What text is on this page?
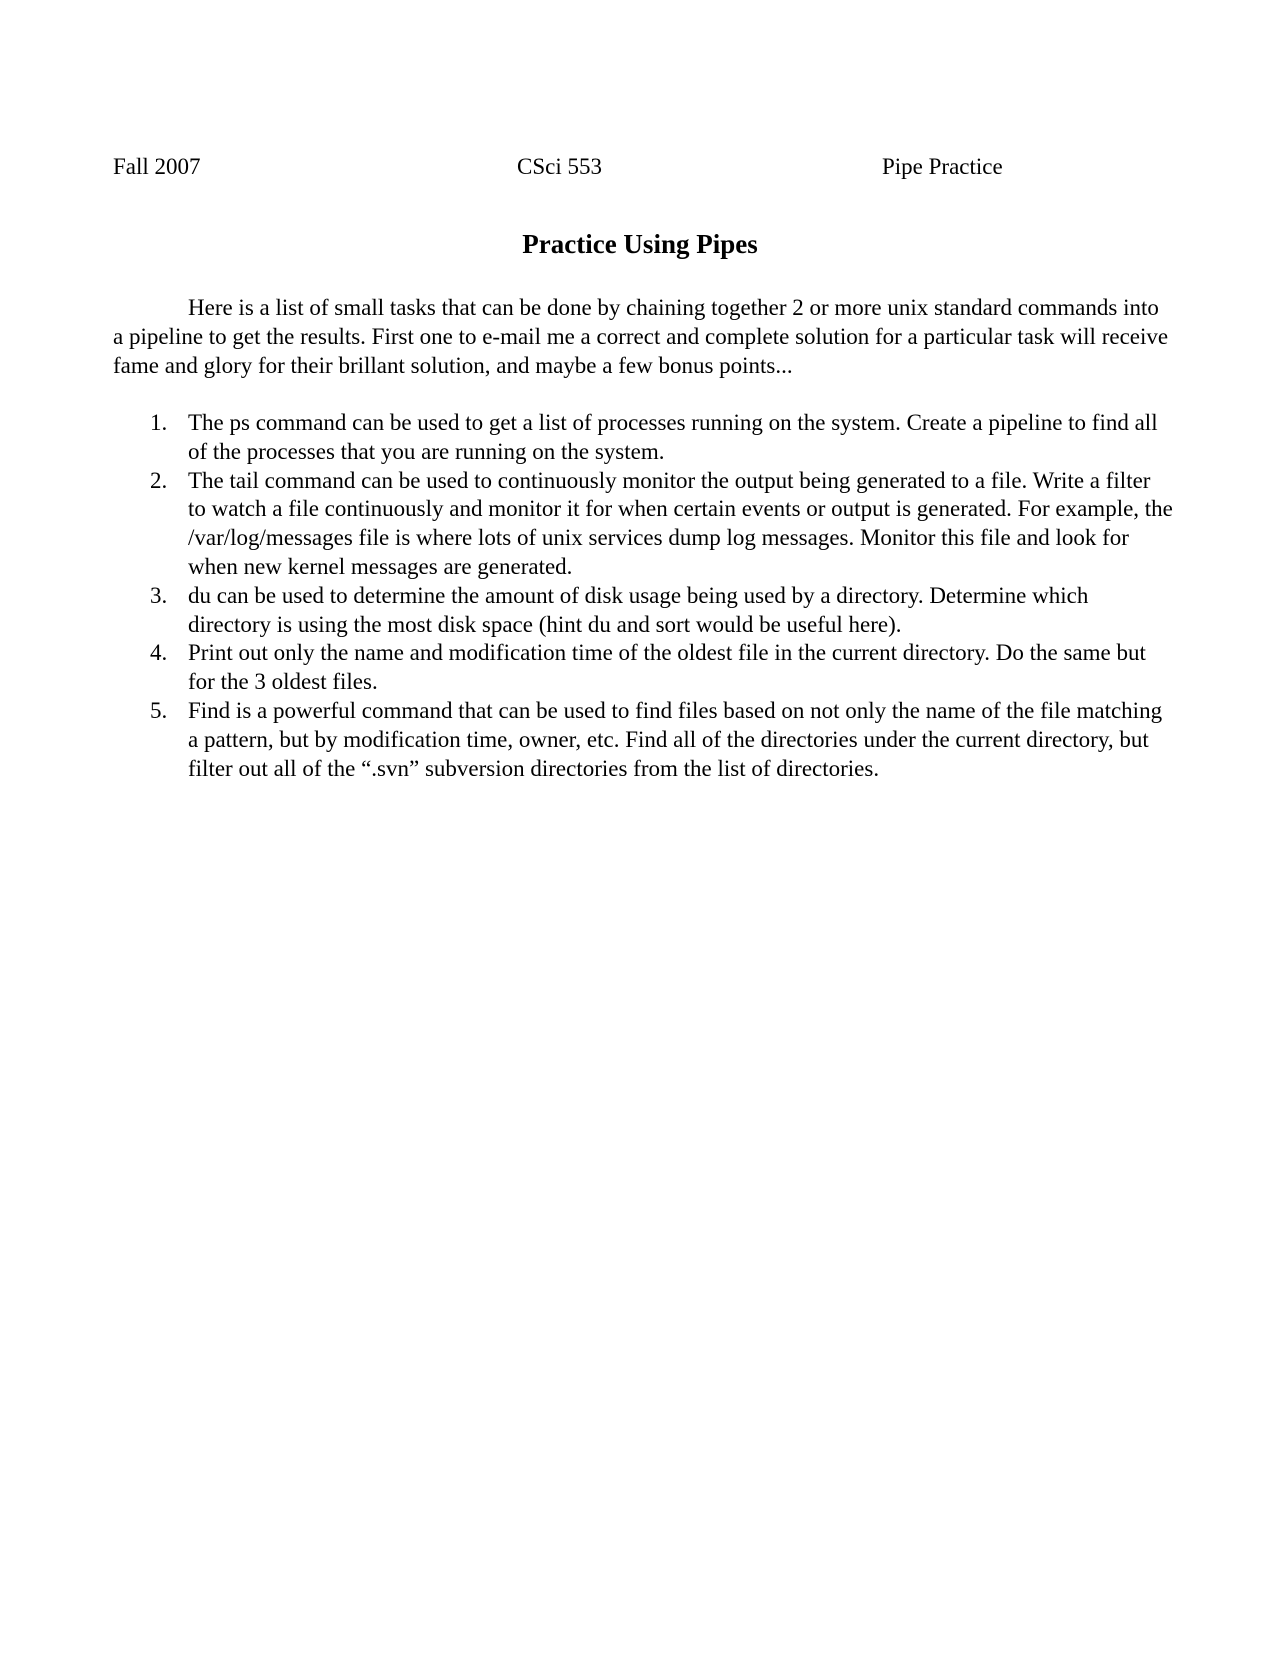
Fall 2007	CSci 553	Pipe Practice
Practice Using Pipes

Here is a list of small tasks that can be done by chaining together 2 or more unix standard commands into a pipeline to get the results. First one to e-mail me a correct and complete solution for a particular task will receive fame and glory for their brillant solution, and maybe a few bonus points...

1. The ps command can be used to get a list of processes running on the system. Create a pipeline to find all of the processes that you are running on the system.
2. The tail command can be used to continuously monitor the output being generated to a file. Write a filter to watch a file continuously and monitor it for when certain events or output is generated. For example, the /var/log/messages file is where lots of unix services dump log messages. Monitor this file and look for when new kernel messages are generated.
3. du can be used to determine the amount of disk usage being used by a directory. Determine which directory is using the most disk space (hint du and sort would be useful here).
4. Print out only the name and modification time of the oldest file in the current directory. Do the same but for the 3 oldest files.
5. Find is a powerful command that can be used to find files based on not only the name of the file matching a pattern, but by modification time, owner, etc. Find all of the directories under the current directory, but filter out all of the “.svn” subversion directories from the list of directories.
